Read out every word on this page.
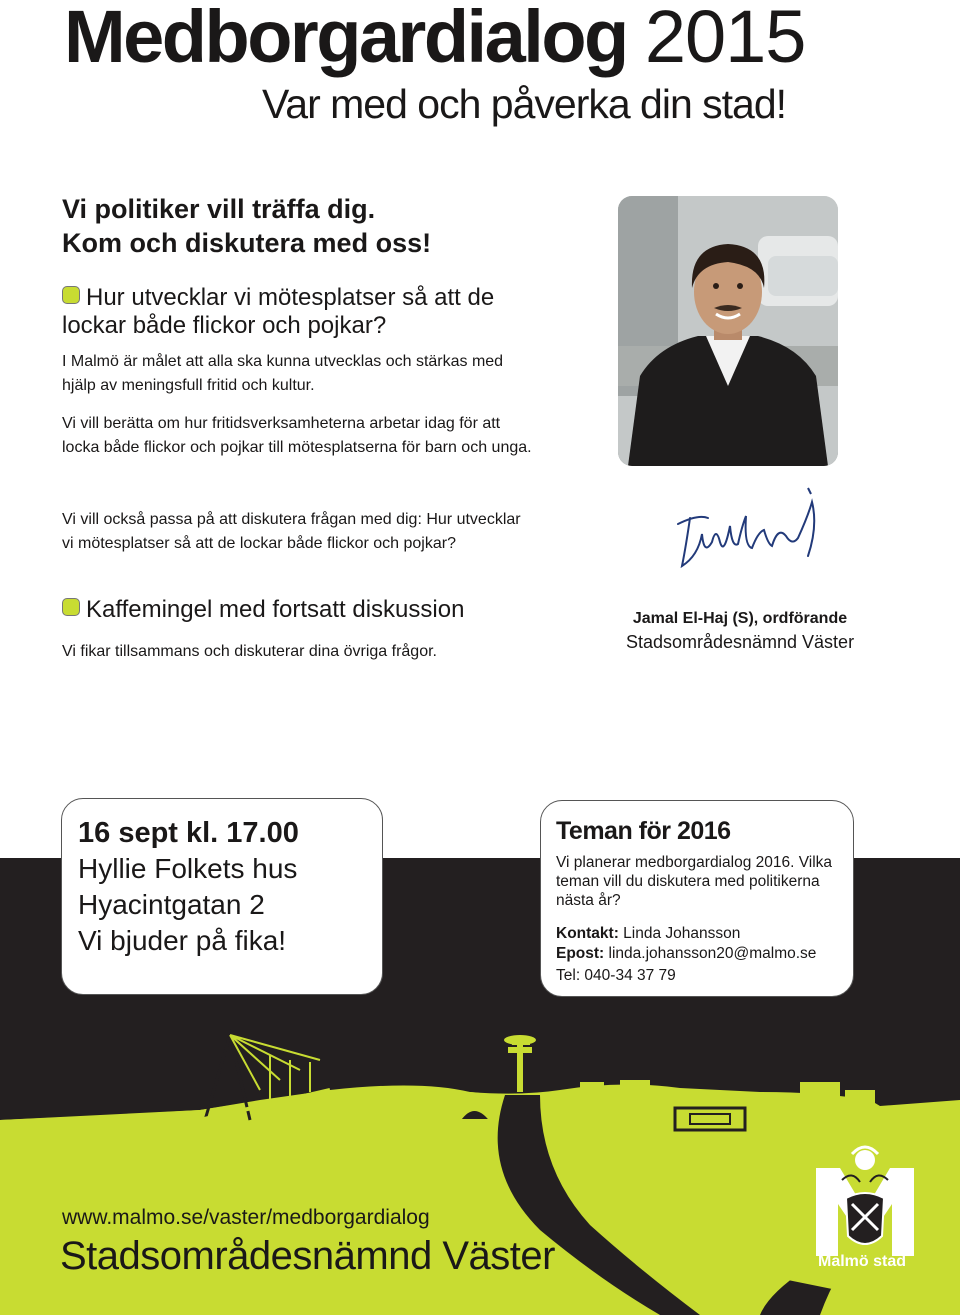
Medborgardialog 2015
Var med och påverka din stad!
Vi politiker vill träffa dig.
Kom och diskutera med oss!
Hur utvecklar vi mötesplatser så att de lockar både flickor och pojkar?
I Malmö är målet att alla ska kunna utvecklas och stärkas med hjälp av meningsfull fritid och kultur.
Vi vill berätta om hur fritidsverksamheterna arbetar idag för att locka både flickor och pojkar till mötesplatserna för barn och unga.
Vi vill också passa på att diskutera frågan med dig: Hur utvecklar vi mötesplatser så att de lockar både flickor och pojkar?
Kaffemingel med fortsatt diskussion
Vi fikar tillsammans och diskuterar dina övriga frågor.
Jamal El-Haj (S), ordförande
Stadsområdesnämnd Väster
16 sept kl. 17.00
Hyllie Folkets hus
Hyacintgatan 2
Vi bjuder på fika!
Teman för 2016
Vi planerar medborgardialog 2016. Vilka teman vill du diskutera med politikerna nästa år?
Kontakt: Linda Johansson
Epost: linda.johansson20@malmo.se
Tel: 040-34 37 79
www.malmo.se/vaster/medborgardialog
Stadsområdesnämnd Väster	Malmö stad
